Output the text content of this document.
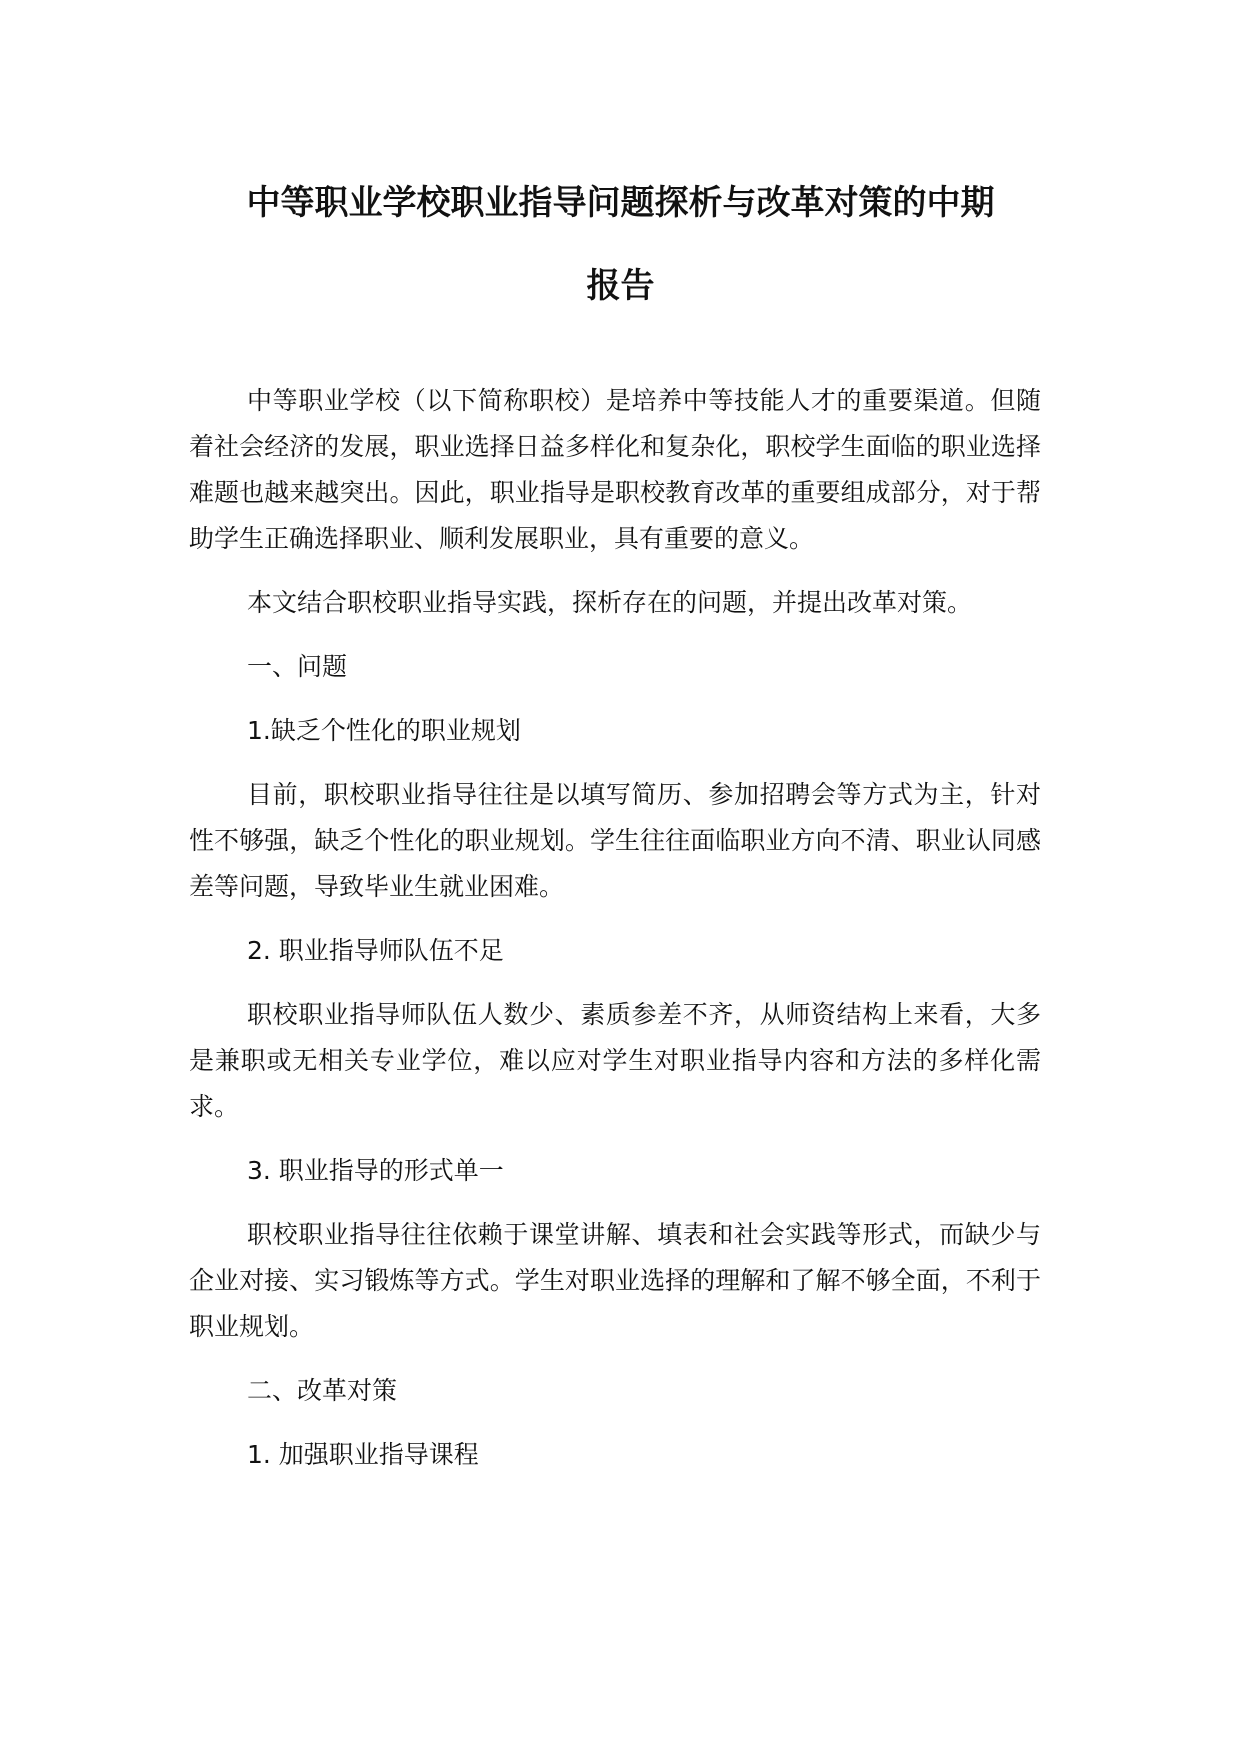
中等职业学校职业指导问题探析与改革对策的中期
报告

中等职业学校（以下简称职校）是培养中等技能人才的重要渠道。但随着社会经济的发展，职业选择日益多样化和复杂化，职校学生面临的职业选择难题也越来越突出。因此，职业指导是职校教育改革的重要组成部分，对于帮助学生正确选择职业、顺利发展职业，具有重要的意义。

本文结合职校职业指导实践，探析存在的问题，并提出改革对策。

一、问题

1.缺乏个性化的职业规划

目前，职校职业指导往往是以填写简历、参加招聘会等方式为主，针对性不够强，缺乏个性化的职业规划。学生往往面临职业方向不清、职业认同感差等问题，导致毕业生就业困难。

2. 职业指导师队伍不足

职校职业指导师队伍人数少、素质参差不齐，从师资结构上来看，大多是兼职或无相关专业学位，难以应对学生对职业指导内容和方法的多样化需求。

3. 职业指导的形式单一

职校职业指导往往依赖于课堂讲解、填表和社会实践等形式，而缺少与企业对接、实习锻炼等方式。学生对职业选择的理解和了解不够全面，不利于职业规划。

二、改革对策

1. 加强职业指导课程
